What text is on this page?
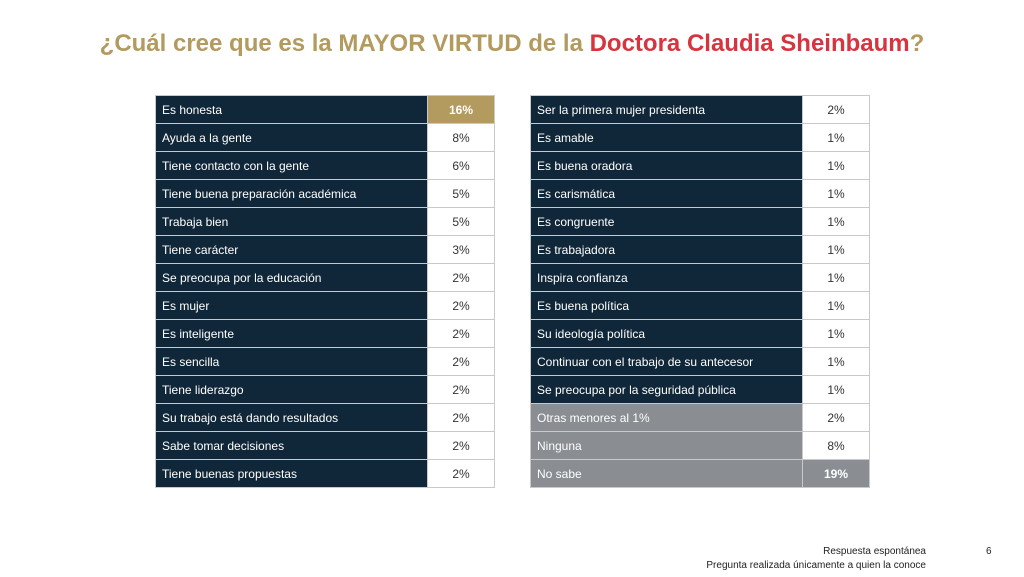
¿Cuál cree que es la MAYOR VIRTUD de la Doctora Claudia Sheinbaum?
Es honesta	16%
Ayuda a la gente	8%
Tiene contacto con la gente	6%
Tiene buena preparación académica	5%
Trabaja bien	5%
Tiene carácter	3%
Se preocupa por la educación	2%
Es mujer	2%
Es inteligente	2%
Es sencilla	2%
Tiene liderazgo	2%
Su trabajo está dando resultados	2%
Sabe tomar decisiones	2%
Tiene buenas propuestas	2%
Ser la primera mujer presidenta	2%
Es amable	1%
Es buena oradora	1%
Es carismática	1%
Es congruente	1%
Es trabajadora	1%
Inspira confianza	1%
Es buena política	1%
Su ideología política	1%
Continuar con el trabajo de su antecesor	1%
Se preocupa por la seguridad pública	1%
Otras menores al 1%	2%
Ninguna	8%
No sabe	19%
Respuesta espontánea
Pregunta realizada únicamente a quien la conoce
6
